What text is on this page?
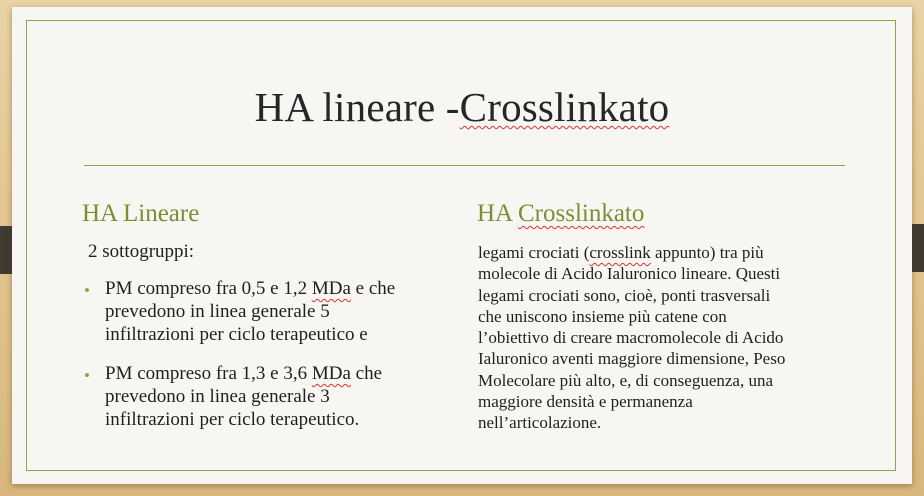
HA lineare -Crosslinkato
HA Lineare
2 sottogruppi:
• PM compreso fra 0,5 e 1,2 MDa e che
prevedono in linea generale 5
infiltrazioni per ciclo terapeutico e
• PM compreso fra 1,3 e 3,6 MDa che
prevedono in linea generale 3
infiltrazioni per ciclo terapeutico.
HA Crosslinkato
legami crociati (crosslink appunto) tra più
molecole di Acido Ialuronico lineare. Questi
legami crociati sono, cioè, ponti trasversali
che uniscono insieme più catene con
l’obiettivo di creare macromolecole di Acido
Ialuronico aventi maggiore dimensione, Peso
Molecolare più alto, e, di conseguenza, una
maggiore densità e permanenza
nell’articolazione.
